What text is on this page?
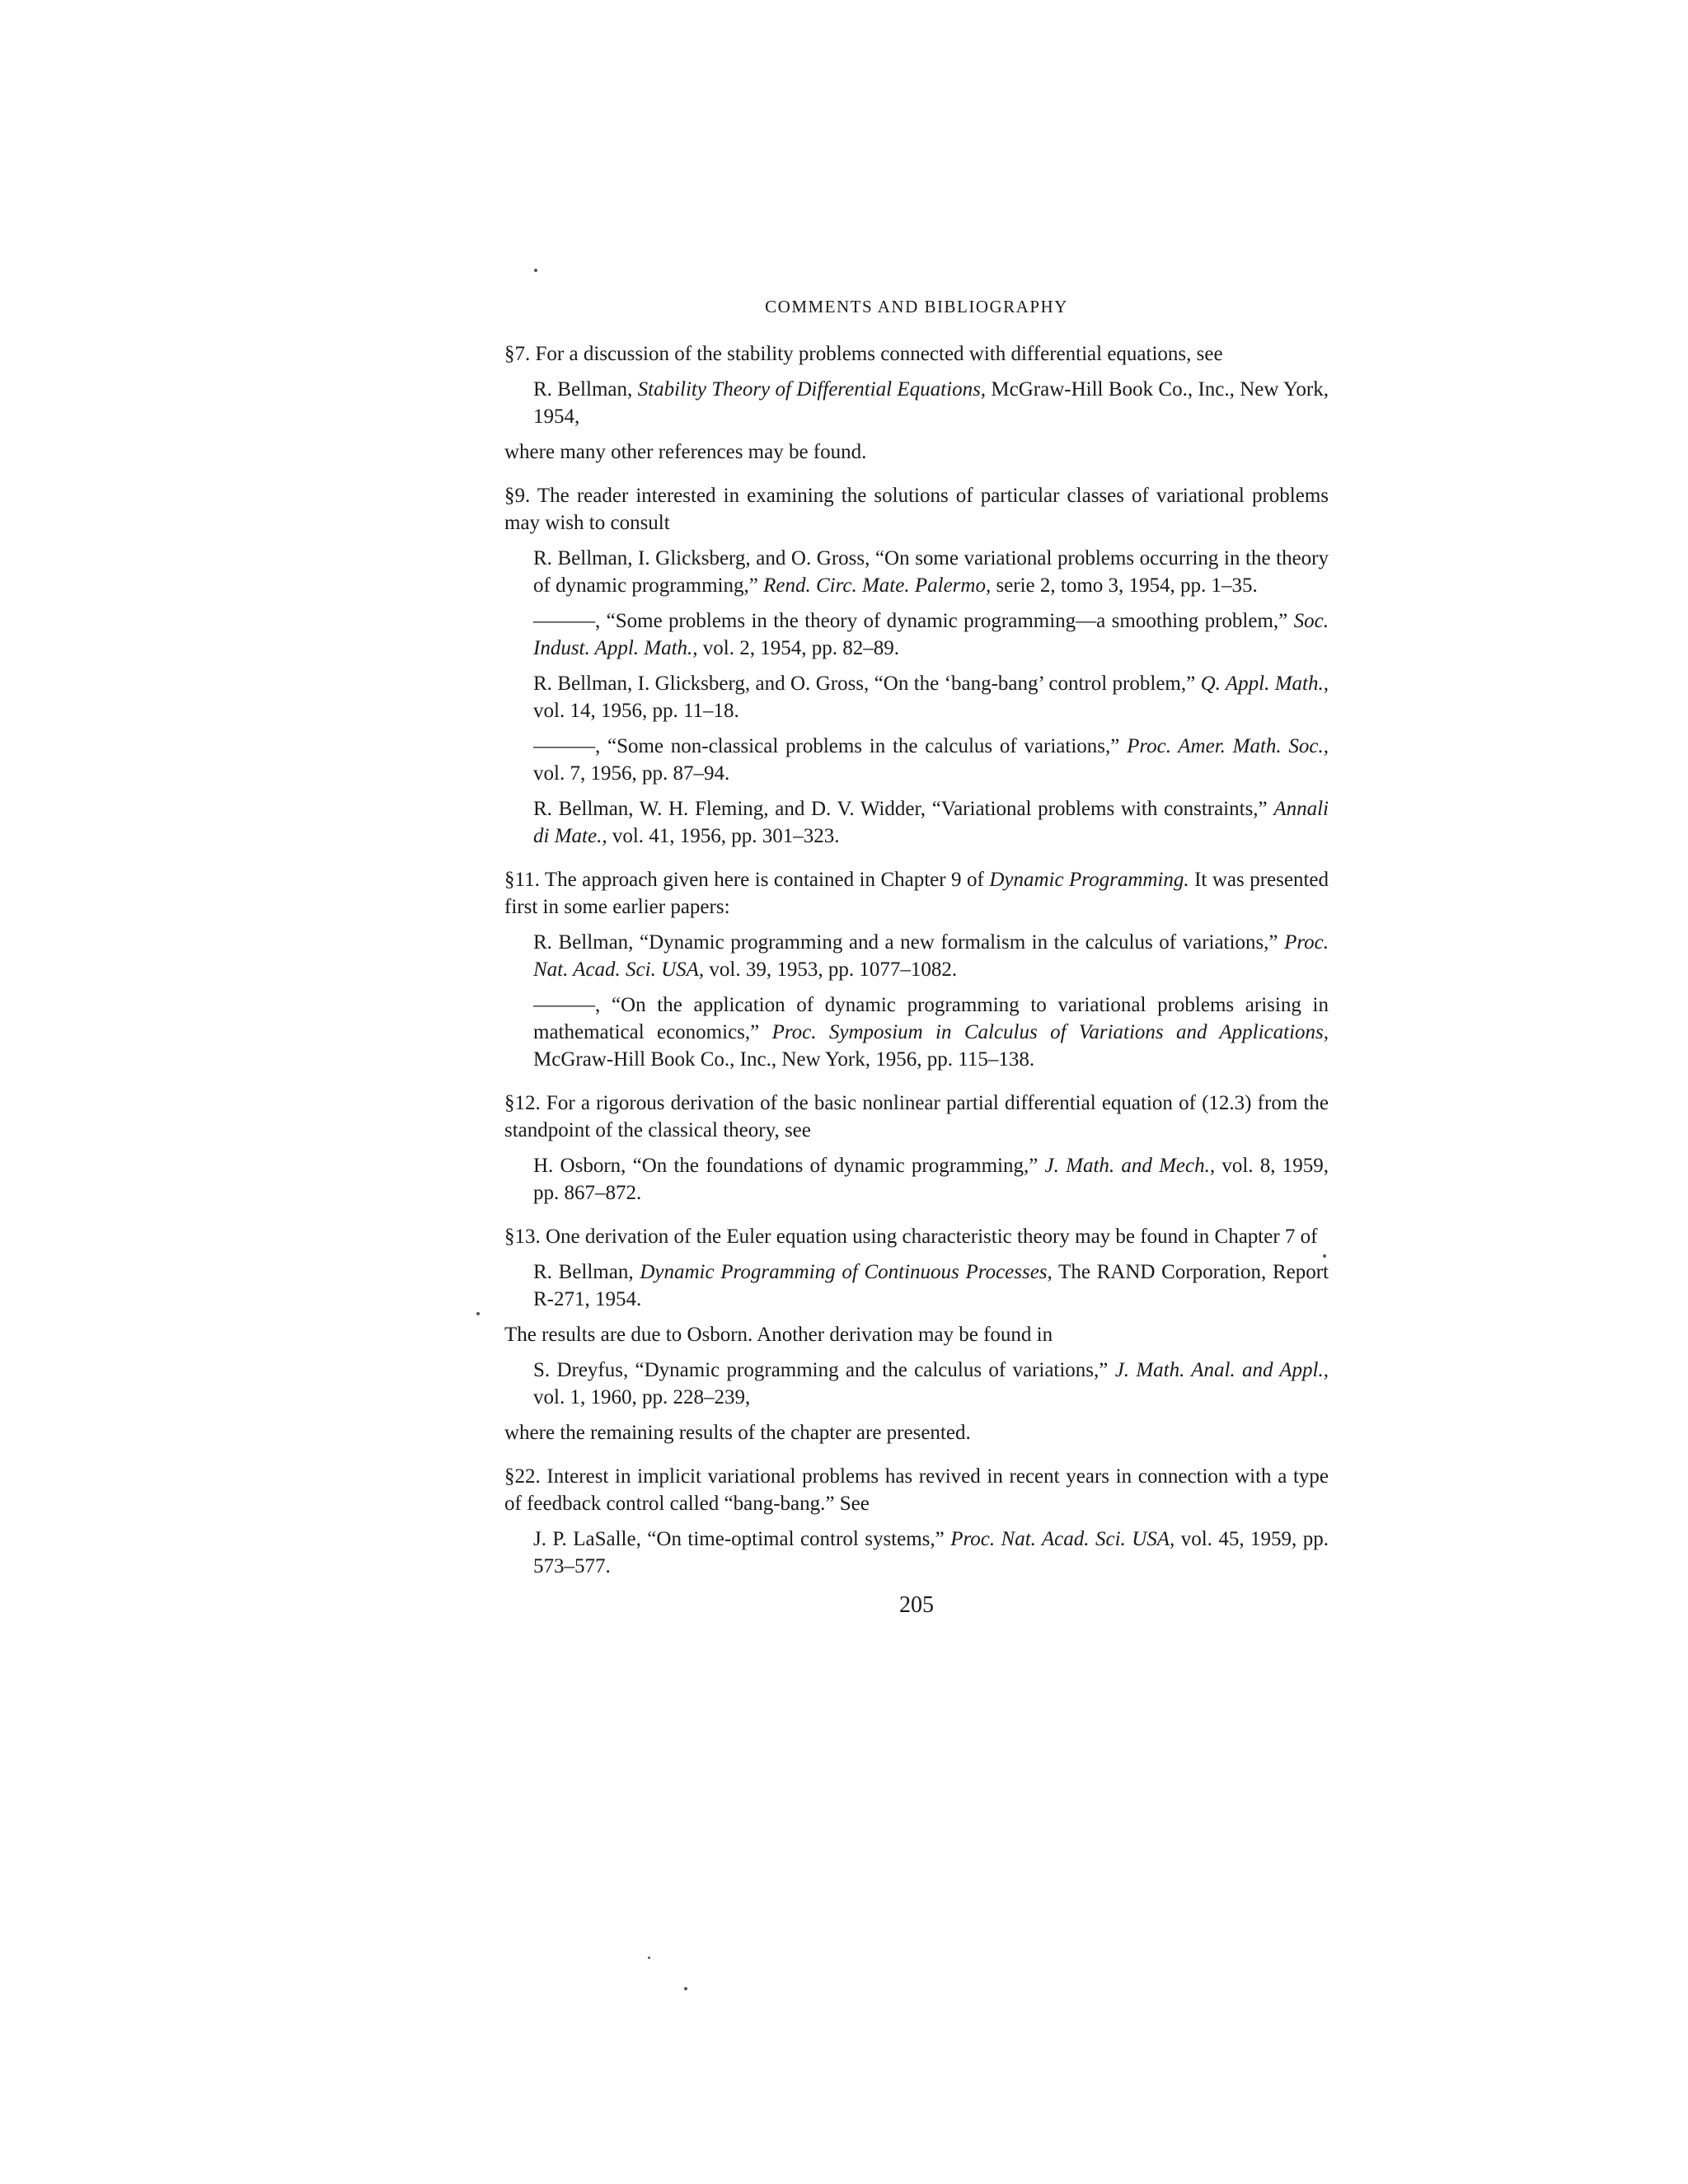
COMMENTS AND BIBLIOGRAPHY

§7. For a discussion of the stability problems connected with differential equations, see

R. Bellman, Stability Theory of Differential Equations, McGraw-Hill Book Co., Inc., New York, 1954,

where many other references may be found.

§9. The reader interested in examining the solutions of particular classes of variational problems may wish to consult

R. Bellman, I. Glicksberg, and O. Gross, “On some variational problems occurring in the theory of dynamic programming,” Rend. Circ. Mate. Palermo, serie 2, tomo 3, 1954, pp. 1–35.

———, “Some problems in the theory of dynamic programming—a smoothing problem,” Soc. Indust. Appl. Math., vol. 2, 1954, pp. 82–89.

R. Bellman, I. Glicksberg, and O. Gross, “On the ‘bang-bang’ control problem,” Q. Appl. Math., vol. 14, 1956, pp. 11–18.

———, “Some non-classical problems in the calculus of variations,” Proc. Amer. Math. Soc., vol. 7, 1956, pp. 87–94.

R. Bellman, W. H. Fleming, and D. V. Widder, “Variational problems with constraints,” Annali di Mate., vol. 41, 1956, pp. 301–323.

§11. The approach given here is contained in Chapter 9 of Dynamic Programming. It was presented first in some earlier papers:

R. Bellman, “Dynamic programming and a new formalism in the calculus of variations,” Proc. Nat. Acad. Sci. USA, vol. 39, 1953, pp. 1077–1082.

———, “On the application of dynamic programming to variational problems arising in mathematical economics,” Proc. Symposium in Calculus of Variations and Applications, McGraw-Hill Book Co., Inc., New York, 1956, pp. 115–138.

§12. For a rigorous derivation of the basic nonlinear partial differential equation of (12.3) from the standpoint of the classical theory, see

H. Osborn, “On the foundations of dynamic programming,” J. Math. and Mech., vol. 8, 1959, pp. 867–872.

§13. One derivation of the Euler equation using characteristic theory may be found in Chapter 7 of

R. Bellman, Dynamic Programming of Continuous Processes, The RAND Corporation, Report R-271, 1954.

The results are due to Osborn. Another derivation may be found in

S. Dreyfus, “Dynamic programming and the calculus of variations,” J. Math. Anal. and Appl., vol. 1, 1960, pp. 228–239,

where the remaining results of the chapter are presented.

§22. Interest in implicit variational problems has revived in recent years in connection with a type of feedback control called “bang-bang.” See

J. P. LaSalle, “On time-optimal control systems,” Proc. Nat. Acad. Sci. USA, vol. 45, 1959, pp. 573–577.

205
